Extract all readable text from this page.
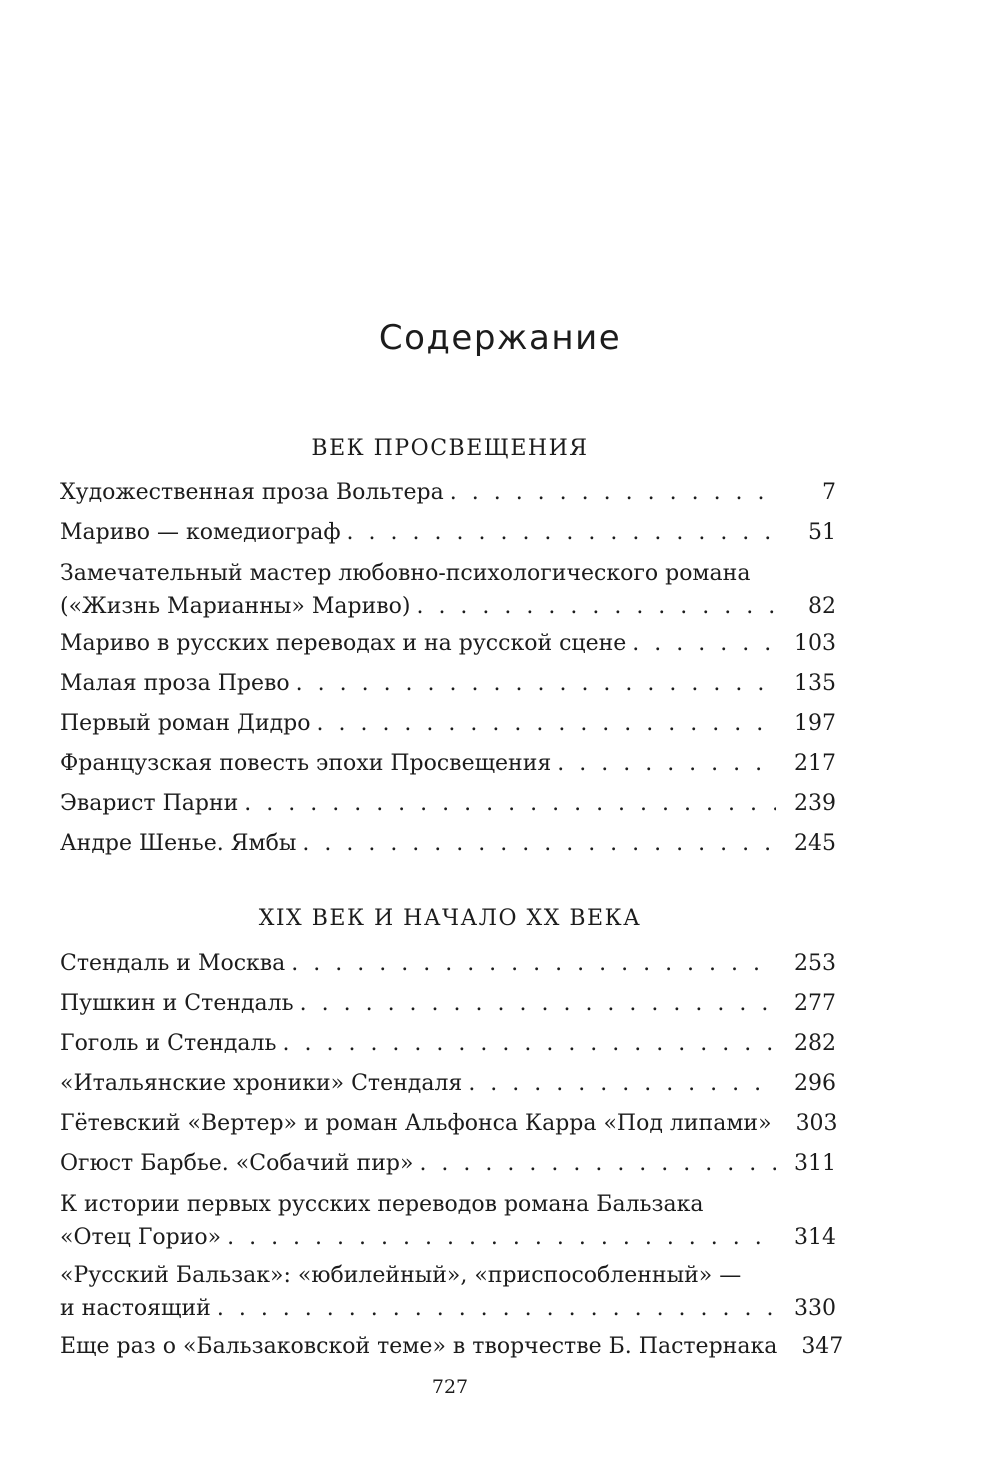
Содержание
ВЕК ПРОСВЕЩЕНИЯ
Художественная проза Вольтера . . .	7
Мариво — комедиограф . . .	51
Замечательный мастер любовно-психологического романа
(«Жизнь Марианны» Мариво) . . .	82
Мариво в русских переводах и на русской сцене . . .	103
Малая проза Прево . . .	135
Первый роман Дидро . . .	197
Французская повесть эпохи Просвещения . . .	217
Эварист Парни . . .	239
Андре Шенье. Ямбы . . .	245
XIX ВЕК И НАЧАЛО XX ВЕКА
Стендаль и Москва . . .	253
Пушкин и Стендаль . . .	277
Гоголь и Стендаль . . .	282
«Итальянские хроники» Стендаля . . .	296
Гётевский «Вертер» и роман Альфонса Карра «Под липами»	303
Огюст Барбье. «Собачий пир» . . .	311
К истории первых русских переводов романа Бальзака
«Отец Горио» . . .	314
«Русский Бальзак»: «юбилейный», «приспособленный» —
и настоящий . . .	330
Еще раз о «Бальзаковской теме» в творчестве Б. Пастернака	347
727
